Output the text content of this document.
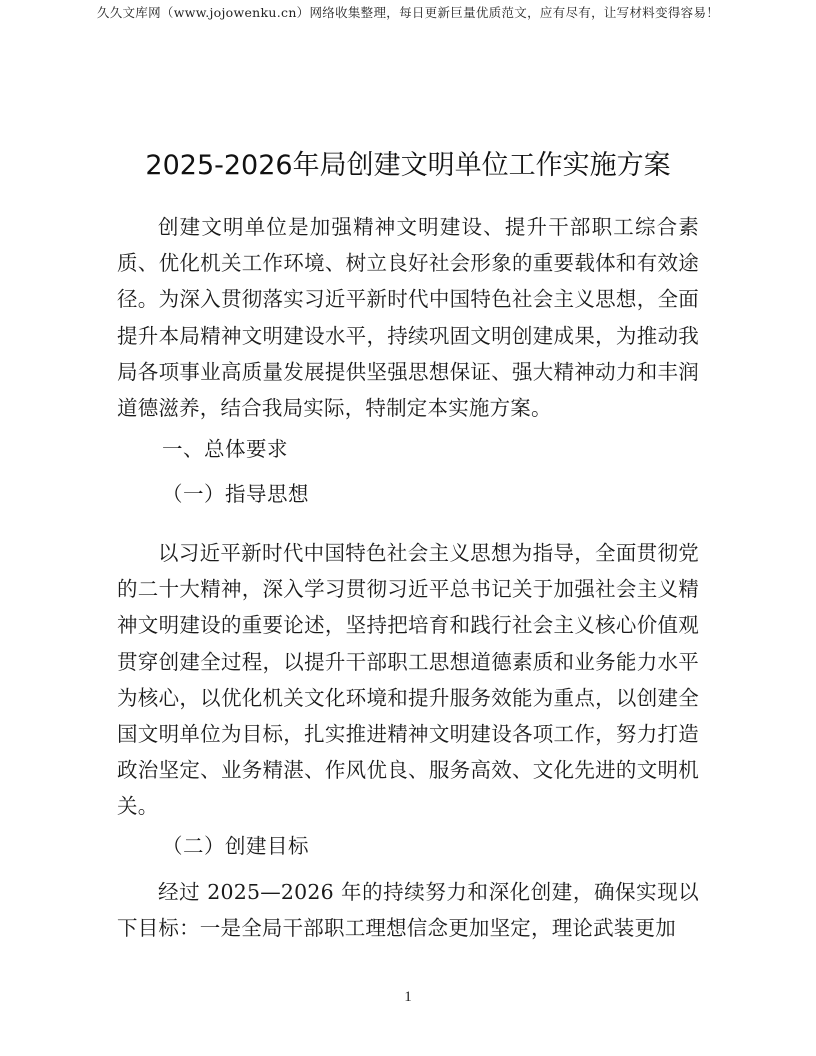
久久文库网（www.jojowenku.cn）网络收集整理，每日更新巨量优质范文，应有尽有，让写材料变得容易！
2025-2026年局创建文明单位工作实施方案

创建文明单位是加强精神文明建设、提升干部职工综合素质、优化机关工作环境、树立良好社会形象的重要载体和有效途径。为深入贯彻落实习近平新时代中国特色社会主义思想，全面提升本局精神文明建设水平，持续巩固文明创建成果，为推动我局各项事业高质量发展提供坚强思想保证、强大精神动力和丰润道德滋养，结合我局实际，特制定本实施方案。

一、总体要求

（一）指导思想

以习近平新时代中国特色社会主义思想为指导，全面贯彻党的二十大精神，深入学习贯彻习近平总书记关于加强社会主义精神文明建设的重要论述，坚持把培育和践行社会主义核心价值观贯穿创建全过程，以提升干部职工思想道德素质和业务能力水平为核心，以优化机关文化环境和提升服务效能为重点，以创建全国文明单位为目标，扎实推进精神文明建设各项工作，努力打造政治坚定、业务精湛、作风优良、服务高效、文化先进的文明机关。

（二）创建目标

经过 2025—2026 年的持续努力和深化创建，确保实现以下目标：一是全局干部职工理想信念更加坚定，理论武装更加

1
